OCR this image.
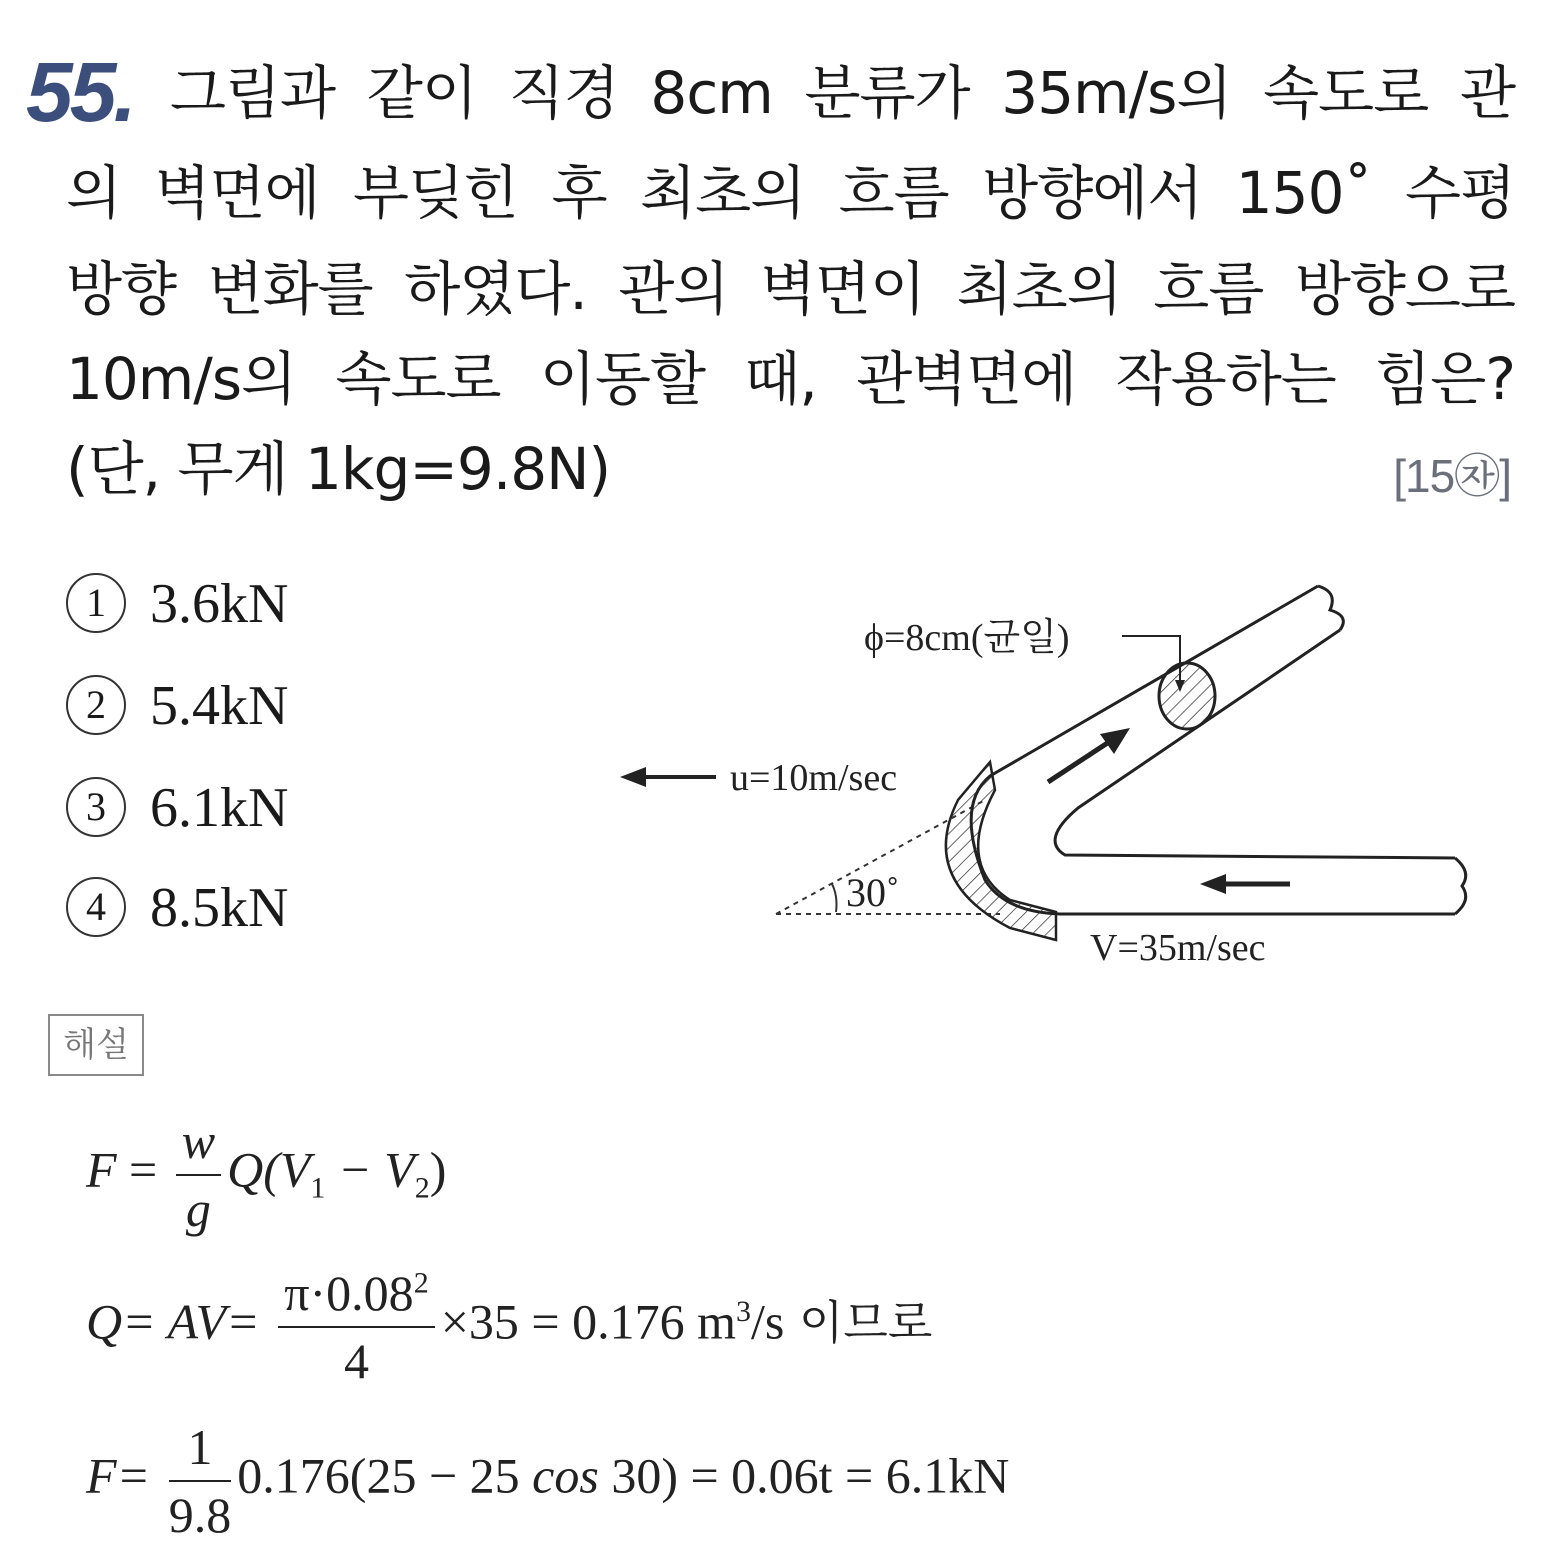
55. 그림과 같이 직경 8cm 분류가 35m/s의 속도로 관
의 벽면에 부딪힌 후 최초의 흐름 방향에서 150˚ 수평
방향 변화를 하였다. 관의 벽면이 최초의 흐름 방향으로
10m/s의 속도로 이동할 때, 관벽면에 작용하는 힘은?
(단, 무게 1kg=9.8N)	[15㉶]
1 3.6kN
2 5.4kN
3 6.1kN
4 8.5kN
ϕ=8cm(균일)
u=10m/sec
30˚
V=35m/sec
해설
$F = \frac{w}{g} Q(V_1 - V_2)$
$Q= AV= \frac{\pi\cdot 0.08^2}{4} \times 35 = 0.176$ $m^3/s$ 이므로
$F= \frac{1}{9.8} 0.176(25 - 25$ cos 30) = 0.06t = 6.1kN
